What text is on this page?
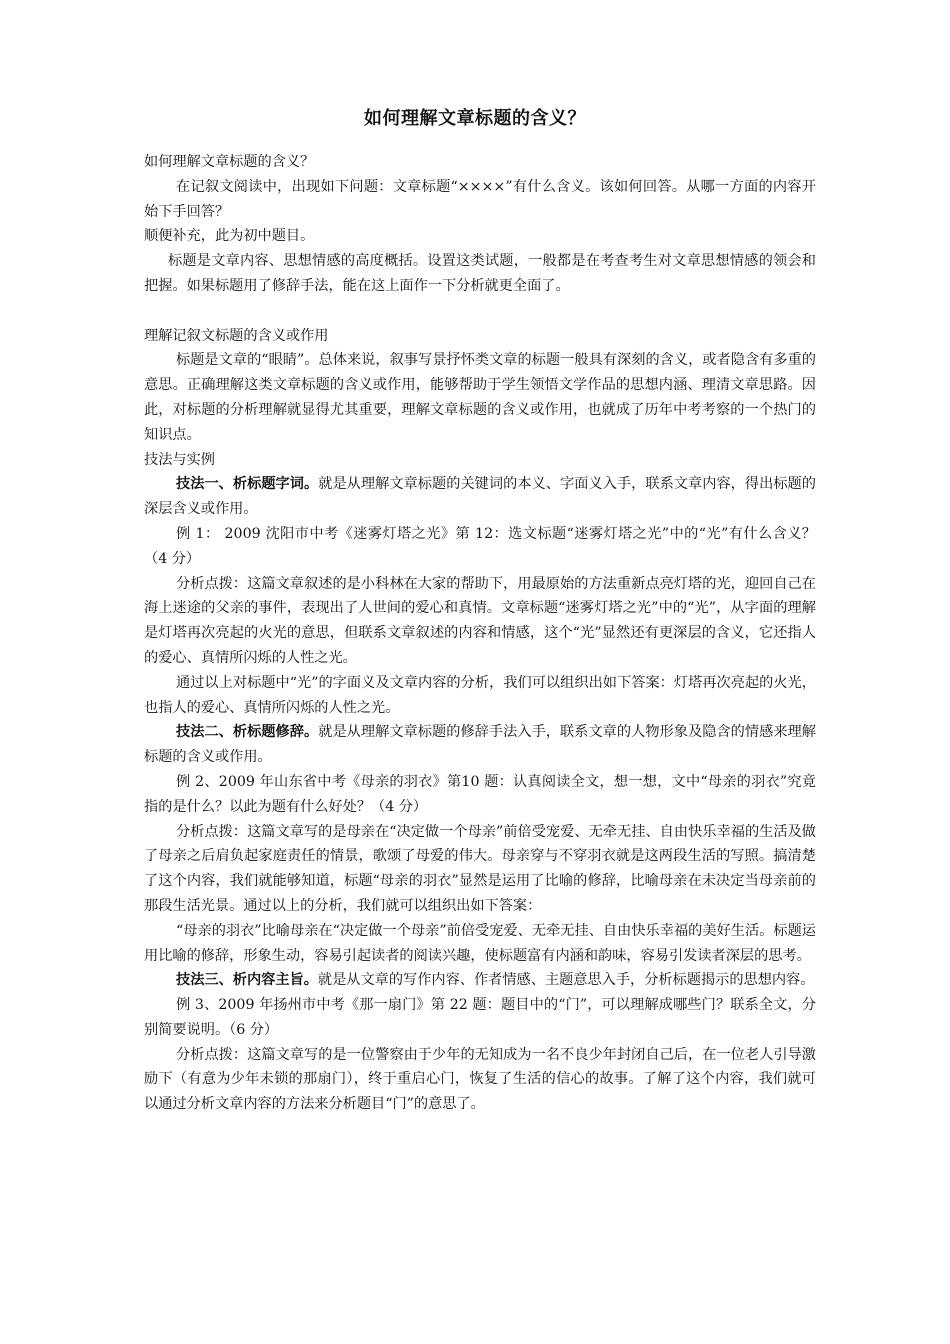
如何理解文章标题的含义？

如何理解文章标题的含义？

在记叙文阅读中，出现如下问题：文章标题“××××”有什么含义。该如何回答。从哪一方面的内容开始下手回答？

顺便补充，此为初中题目。

标题是文章内容、思想情感的高度概括。设置这类试题，一般都是在考查考生对文章思想情感的领会和把握。如果标题用了修辞手法，能在这上面作一下分析就更全面了。

理解记叙文标题的含义或作用

标题是文章的“眼睛”。总体来说，叙事写景抒怀类文章的标题一般具有深刻的含义，或者隐含有多重的意思。正确理解这类文章标题的含义或作用，能够帮助于学生领悟文学作品的思想内涵、理清文章思路。因此，对标题的分析理解就显得尤其重要，理解文章标题的含义或作用，也就成了历年中考考察的一个热门的知识点。

技法与实例

技法一、析标题字词。就是从理解文章标题的关键词的本义、字面义入手，联系文章内容，得出标题的深层含义或作用。

例 1： 2009 沈阳市中考《迷雾灯塔之光》第 12：选文标题“迷雾灯塔之光”中的“光”有什么含义？（4 分）

分析点拨：这篇文章叙述的是小科林在大家的帮助下，用最原始的方法重新点亮灯塔的光，迎回自己在海上迷途的父亲的事件，表现出了人世间的爱心和真情。文章标题“迷雾灯塔之光”中的“光”，从字面的理解是灯塔再次亮起的火光的意思，但联系文章叙述的内容和情感，这个“光”显然还有更深层的含义，它还指人的爱心、真情所闪烁的人性之光。

通过以上对标题中“光”的字面义及文章内容的分析，我们可以组织出如下答案：灯塔再次亮起的火光，也指人的爱心、真情所闪烁的人性之光。

技法二、析标题修辞。就是从理解文章标题的修辞手法入手，联系文章的人物形象及隐含的情感来理解标题的含义或作用。

例 2、2009 年山东省中考《母亲的羽衣》第10 题：认真阅读全文，想一想，文中“母亲的羽衣”究竟指的是什么？以此为题有什么好处？（4 分）

分析点拨：这篇文章写的是母亲在“决定做一个母亲”前倍受宠爱、无牵无挂、自由快乐幸福的生活及做了母亲之后肩负起家庭责任的情景，歌颂了母爱的伟大。母亲穿与不穿羽衣就是这两段生活的写照。搞清楚了这个内容，我们就能够知道，标题“母亲的羽衣”显然是运用了比喻的修辞，比喻母亲在未决定当母亲前的那段生活光景。通过以上的分析，我们就可以组织出如下答案：

“母亲的羽衣”比喻母亲在“决定做一个母亲”前倍受宠爱、无牵无挂、自由快乐幸福的美好生活。标题运用比喻的修辞，形象生动，容易引起读者的阅读兴趣，使标题富有内涵和韵味，容易引发读者深层的思考。

技法三、析内容主旨。就是从文章的写作内容、作者情感、主题意思入手，分析标题揭示的思想内容。

例 3、2009 年扬州市中考《那一扇门》第 22 题：题目中的“门”，可以理解成哪些门？联系全文，分别简要说明。（6 分）

分析点拨：这篇文章写的是一位警察由于少年的无知成为一名不良少年封闭自己后，在一位老人引导激励下（有意为少年未锁的那扇门），终于重启心门，恢复了生活的信心的故事。了解了这个内容，我们就可以通过分析文章内容的方法来分析题目“门”的意思了。
